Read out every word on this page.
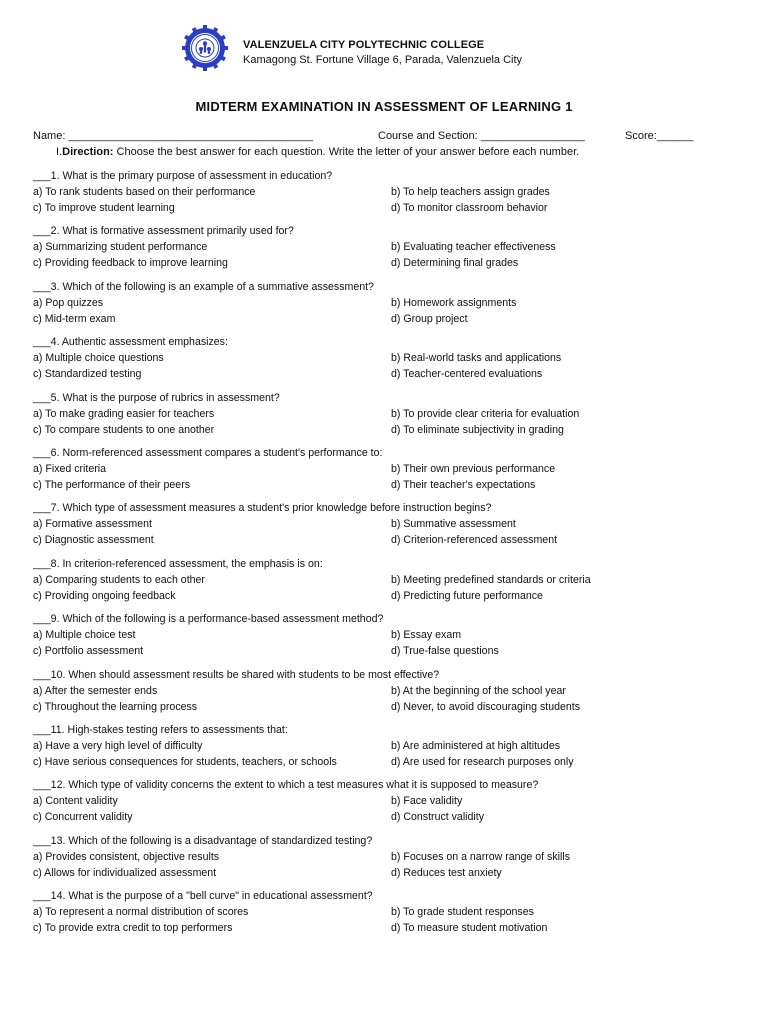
VALENZUELA CITY POLYTECHNIC COLLEGE
Kamagong St. Fortune Village 6, Parada, Valenzuela City
MIDTERM EXAMINATION IN ASSESSMENT OF LEARNING 1
Name: ________________________________________	Course and Section: _________________	Score:______
I.Direction: Choose the best answer for each question. Write the letter of your answer before each number.
___1. What is the primary purpose of assessment in education?
a) To rank students based on their performance	b) To help teachers assign grades
c) To improve student learning	d) To monitor classroom behavior
___2. What is formative assessment primarily used for?
a) Summarizing student performance	b) Evaluating teacher effectiveness
c) Providing feedback to improve learning	d) Determining final grades
___3. Which of the following is an example of a summative assessment?
a) Pop quizzes	b) Homework assignments
c) Mid-term exam	d) Group project
___4. Authentic assessment emphasizes:
a) Multiple choice questions	b) Real-world tasks and applications
c) Standardized testing	d) Teacher-centered evaluations
___5. What is the purpose of rubrics in assessment?
a) To make grading easier for teachers	b) To provide clear criteria for evaluation
c) To compare students to one another	d) To eliminate subjectivity in grading
___6. Norm-referenced assessment compares a student's performance to:
a) Fixed criteria	b) Their own previous performance
c) The performance of their peers	d) Their teacher's expectations
___7. Which type of assessment measures a student's prior knowledge before instruction begins?
a) Formative assessment	b) Summative assessment
c) Diagnostic assessment	d) Criterion-referenced assessment
___8. In criterion-referenced assessment, the emphasis is on:
a) Comparing students to each other	b) Meeting predefined standards or criteria
c) Providing ongoing feedback	d) Predicting future performance
___9. Which of the following is a performance-based assessment method?
a) Multiple choice test	b) Essay exam
c) Portfolio assessment	d) True-false questions
___10. When should assessment results be shared with students to be most effective?
a) After the semester ends	b) At the beginning of the school year
c) Throughout the learning process	d) Never, to avoid discouraging students
___11. High-stakes testing refers to assessments that:
a) Have a very high level of difficulty	b) Are administered at high altitudes
c) Have serious consequences for students, teachers, or schools	d) Are used for research purposes only
___12. Which type of validity concerns the extent to which a test measures what it is supposed to measure?
a) Content validity	b) Face validity
c) Concurrent validity	d) Construct validity
___13. Which of the following is a disadvantage of standardized testing?
a) Provides consistent, objective results	b) Focuses on a narrow range of skills
c) Allows for individualized assessment	d) Reduces test anxiety
___14. What is the purpose of a "bell curve" in educational assessment?
a) To represent a normal distribution of scores	b) To grade student responses
c) To provide extra credit to top performers	d) To measure student motivation
